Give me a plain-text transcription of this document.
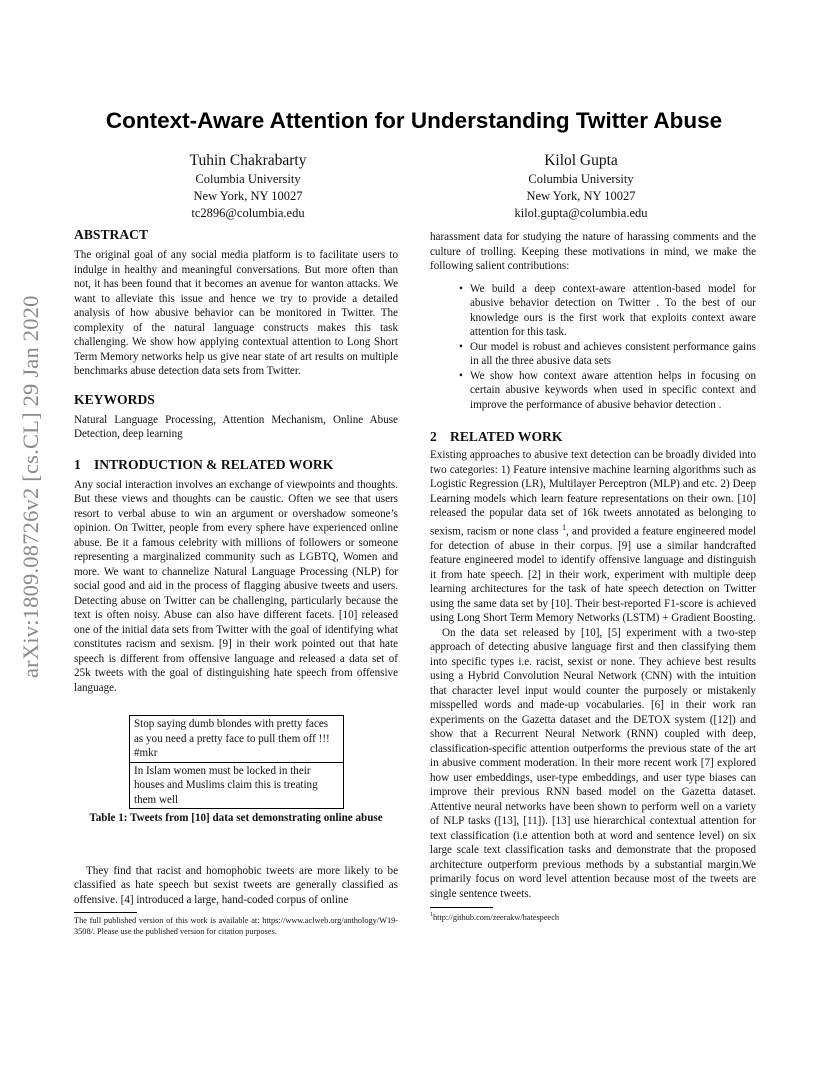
arXiv:1809.08726v2 [cs.CL] 29 Jan 2020
Context-Aware Attention for Understanding Twitter Abuse
Tuhin Chakrabarty
Columbia University
New York, NY 10027
tc2896@columbia.edu
Kilol Gupta
Columbia University
New York, NY 10027
kilol.gupta@columbia.edu
ABSTRACT

The original goal of any social media platform is to facilitate users to indulge in healthy and meaningful conversations. But more often than not, it has been found that it becomes an avenue for wanton attacks. We want to alleviate this issue and hence we try to provide a detailed analysis of how abusive behavior can be monitored in Twitter. The complexity of the natural language constructs makes this task challenging. We show how applying contextual attention to Long Short Term Memory networks help us give near state of art results on multiple benchmarks abuse detection data sets from Twitter.

KEYWORDS

Natural Language Processing, Attention Mechanism, Online Abuse Detection, deep learning

1 INTRODUCTION & RELATED WORK

Any social interaction involves an exchange of viewpoints and thoughts. But these views and thoughts can be caustic. Often we see that users resort to verbal abuse to win an argument or overshadow someone’s opinion. On Twitter, people from every sphere have experienced online abuse. Be it a famous celebrity with millions of followers or someone representing a marginalized community such as LGBTQ, Women and more. We want to channelize Natural Language Processing (NLP) for social good and aid in the process of flagging abusive tweets and users. Detecting abuse on Twitter can be challenging, particularly because the text is often noisy. Abuse can also have different facets. [10] released one of the initial data sets from Twitter with the goal of identifying what constitutes racism and sexism. [9] in their work pointed out that hate speech is different from offensive language and released a data set of 25k tweets with the goal of distinguishing hate speech from offensive language.

Stop saying dumb blondes with pretty faces as you need a pretty face to pull them off !!! #mkr
In Islam women must be locked in their houses and Muslims claim this is treating them well
Table 1: Tweets from [10] data set demonstrating online abuse

They find that racist and homophobic tweets are more likely to be classified as hate speech but sexist tweets are generally classified as offensive. [4] introduced a large, hand-coded corpus of online

The full published version of this work is available at: https://www.aclweb.org/anthology/W19-3508/. Please use the published version for citation purposes.

harassment data for studying the nature of harassing comments and the culture of trolling. Keeping these motivations in mind, we make the following salient contributions:

• We build a deep context-aware attention-based model for abusive behavior detection on Twitter . To the best of our knowledge ours is the first work that exploits context aware attention for this task.
• Our model is robust and achieves consistent performance gains in all the three abusive data sets
• We show how context aware attention helps in focusing on certain abusive keywords when used in specific context and improve the performance of abusive behavior detection .
2 RELATED WORK

Existing approaches to abusive text detection can be broadly divided into two categories: 1) Feature intensive machine learning algorithms such as Logistic Regression (LR), Multilayer Perceptron (MLP) and etc. 2) Deep Learning models which learn feature representations on their own. [10] released the popular data set of 16k tweets annotated as belonging to sexism, racism or none class $^1$, and provided a feature engineered model for detection of abuse in their corpus. [9] use a similar handcrafted feature engineered model to identify offensive language and distinguish it from hate speech. [2] in their work, experiment with multiple deep learning architectures for the task of hate speech detection on Twitter using the same data set by [10]. Their best-reported F1-score is achieved using Long Short Term Memory Networks (LSTM) + Gradient Boosting.

On the data set released by [10], [5] experiment with a two-step approach of detecting abusive language first and then classifying them into specific types i.e. racist, sexist or none. They achieve best results using a Hybrid Convolution Neural Network (CNN) with the intuition that character level input would counter the purposely or mistakenly misspelled words and made-up vocabularies. [6] in their work ran experiments on the Gazetta dataset and the DETOX system ([12]) and show that a Recurrent Neural Network (RNN) coupled with deep, classification-specific attention outperforms the previous state of the art in abusive comment moderation. In their more recent work [7] explored how user embeddings, user-type embeddings, and user type biases can improve their previous RNN based model on the Gazetta dataset. Attentive neural networks have been shown to perform well on a variety of NLP tasks ([13], [11]). [13] use hierarchical contextual attention for text classification (i.e attention both at word and sentence level) on six large scale text classification tasks and demonstrate that the proposed architecture outperform previous methods by a substantial margin.We primarily focus on word level attention because most of the tweets are single sentence tweets.

$^1$http://github.com/zeerakw/hatespeech
